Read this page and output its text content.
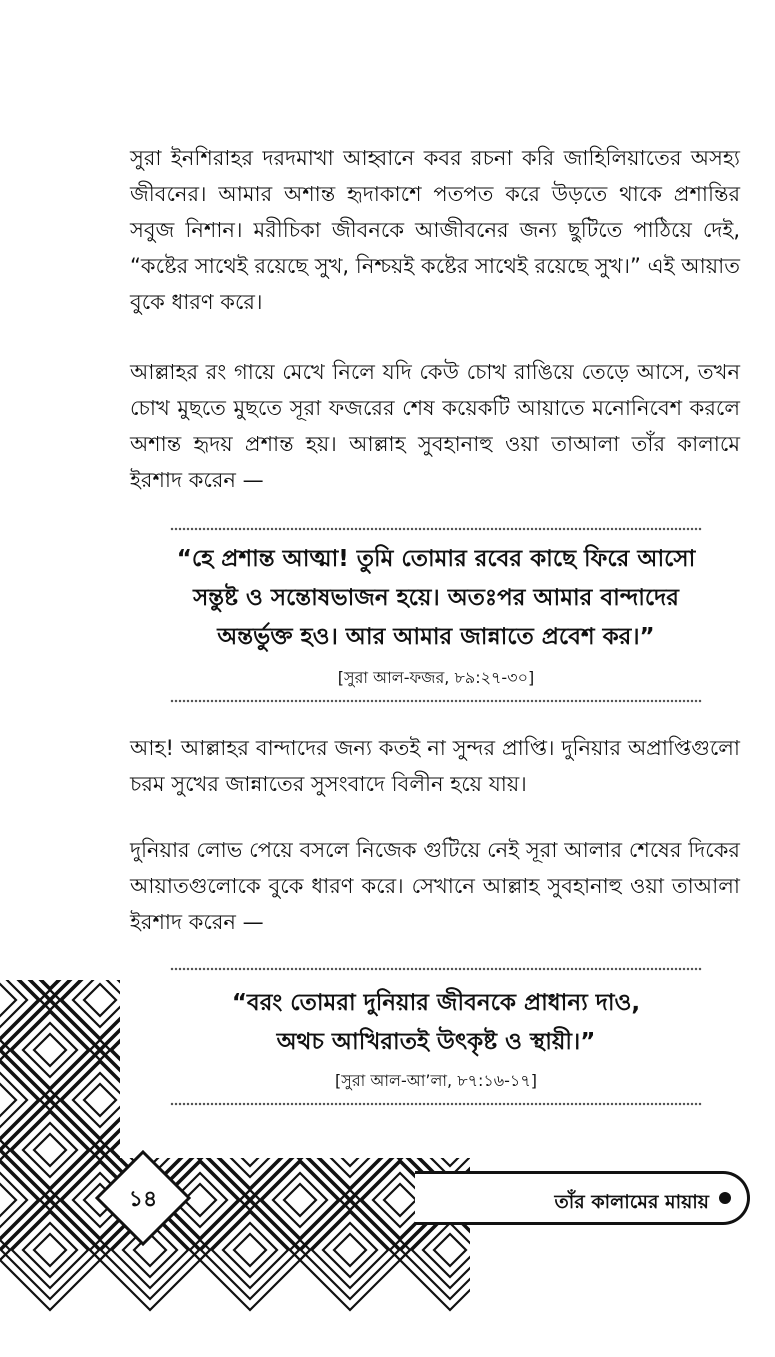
সুরা ইনশিরাহর দরদমাখা আহ্বানে কবর রচনা করি জাহিলিয়াতের অসহ্য জীবনের। আমার অশান্ত হৃদাকাশে পতপত করে উড়তে থাকে প্রশান্তির সবুজ নিশান। মরীচিকা জীবনকে আজীবনের জন্য ছুটিতে পাঠিয়ে দেই, “কষ্টের সাথেই রয়েছে সুখ, নিশ্চয়ই কষ্টের সাথেই রয়েছে সুখ।” এই আয়াত বুকে ধারণ করে।

আল্লাহর রং গায়ে মেখে নিলে যদি কেউ চোখ রাঙিয়ে তেড়ে আসে, তখন চোখ মুছতে মুছতে সূরা ফজরের শেষ কয়েকটি আয়াতে মনোনিবেশ করলে অশান্ত হৃদয় প্রশান্ত হয়। আল্লাহ সুবহানাহু ওয়া তাআলা তাঁর কালামে ইরশাদ করেন —

“হে প্রশান্ত আত্মা! তুমি তোমার রবের কাছে ফিরে আসো

সন্তুষ্ট ও সন্তোষভাজন হয়ে। অতঃপর আমার বান্দাদের

অন্তর্ভুক্ত হও। আর আমার জান্নাতে প্রবেশ কর।”

[সুরা আল-ফজর, ৮৯:২৭-৩০]

আহ! আল্লাহর বান্দাদের জন্য কতই না সুন্দর প্রাপ্তি। দুনিয়ার অপ্রাপ্তিগুলো চরম সুখের জান্নাতের সুসংবাদে বিলীন হয়ে যায়।

দুনিয়ার লোভ পেয়ে বসলে নিজেক গুটিয়ে নেই সূরা আলার শেষের দিকের আয়াতগুলোকে বুকে ধারণ করে। সেখানে আল্লাহ সুবহানাহু ওয়া তাআলা ইরশাদ করেন —

“বরং তোমরা দুনিয়ার জীবনকে প্রাধান্য দাও,

অথচ আখিরাতই উৎকৃষ্ট ও স্থায়ী।”

[সুরা আল-আ’লা, ৮৭:১৬-১৭]

তাঁর কালামের মায়ায়
১৪
